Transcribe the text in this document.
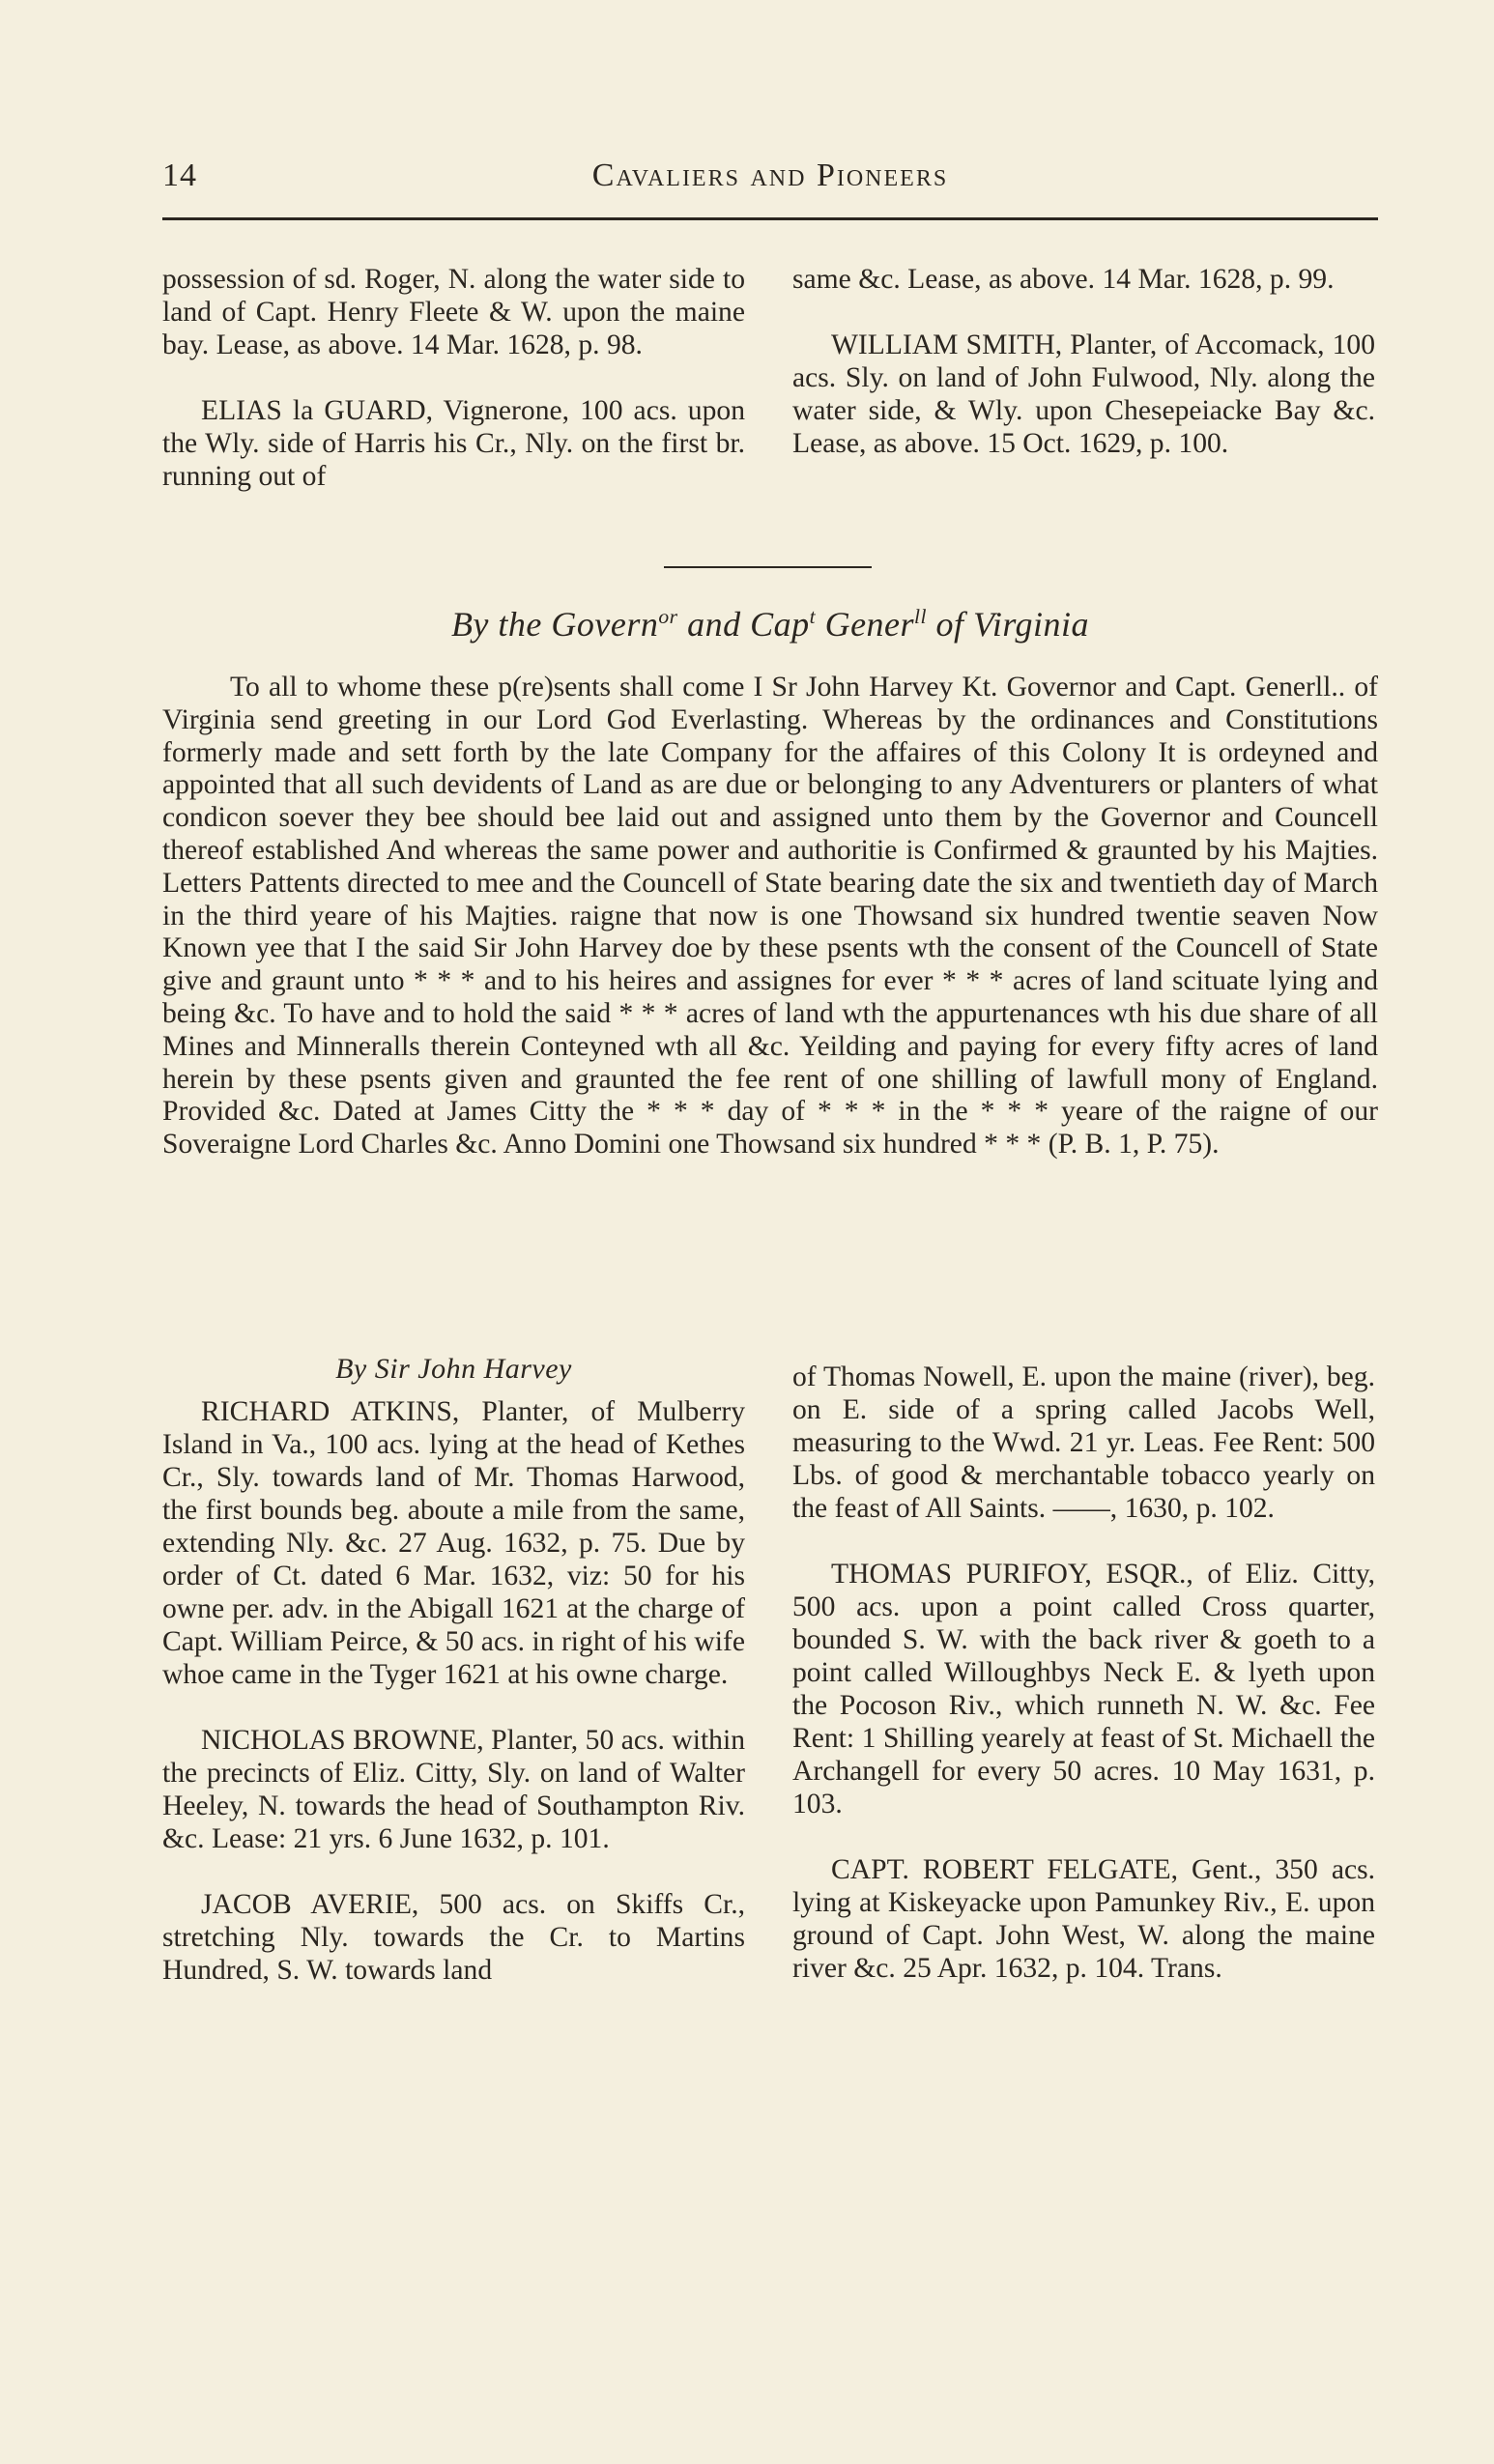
14	Cavaliers and Pioneers

possession of sd. Roger, N. along the water side to land of Capt. Henry Fleete & W. upon the maine bay. Lease, as above. 14 Mar. 1628, p. 98.

ELIAS la GUARD, Vignerone, 100 acs. upon the Wly. side of Harris his Cr., Nly. on the first br. running out of

same &c. Lease, as above. 14 Mar. 1628, p. 99.

WILLIAM SMITH, Planter, of Accomack, 100 acs. Sly. on land of John Fulwood, Nly. along the water side, & Wly. upon Chesepeiacke Bay &c. Lease, as above. 15 Oct. 1629, p. 100.

By the Govern$^{or}$ and Cap$^t$ Gener$^{ll}$ of Virginia

To all to whome these p(re)sents shall come I Sr John Harvey Kt. Governor and Capt. Generll.. of Virginia send greeting in our Lord God Everlasting. Whereas by the ordinances and Constitutions formerly made and sett forth by the late Company for the affaires of this Colony It is ordeyned and appointed that all such devidents of Land as are due or belonging to any Adventurers or planters of what condicon soever they bee should bee laid out and assigned unto them by the Governor and Councell thereof established And whereas the same power and authoritie is Confirmed & graunted by his Majties. Letters Pattents directed to mee and the Councell of State bearing date the six and twentieth day of March in the third yeare of his Majties. raigne that now is one Thowsand six hundred twentie seaven Now Known yee that I the said Sir John Harvey doe by these psents wth the consent of the Councell of State give and graunt unto * * * and to his heires and assignes for ever * * * acres of land scituate lying and being &c. To have and to hold the said * * * acres of land wth the appurtenances wth his due share of all Mines and Minneralls therein Conteyned wth all &c. Yeilding and paying for every fifty acres of land herein by these psents given and graunted the fee rent of one shilling of lawfull mony of England. Provided &c. Dated at James Citty the * * * day of * * * in the * * * yeare of the raigne of our Soveraigne Lord Charles &c. Anno Domini one Thowsand six hundred * * * (P. B. 1, P. 75).

By Sir John Harvey

RICHARD ATKINS, Planter, of Mulberry Island in Va., 100 acs. lying at the head of Kethes Cr., Sly. towards land of Mr. Thomas Harwood, the first bounds beg. aboute a mile from the same, extending Nly. &c. 27 Aug. 1632, p. 75. Due by order of Ct. dated 6 Mar. 1632, viz: 50 for his owne per. adv. in the Abigall 1621 at the charge of Capt. William Peirce, & 50 acs. in right of his wife whoe came in the Tyger 1621 at his owne charge.

NICHOLAS BROWNE, Planter, 50 acs. within the precincts of Eliz. Citty, Sly. on land of Walter Heeley, N. towards the head of Southampton Riv. &c. Lease: 21 yrs. 6 June 1632, p. 101.

JACOB AVERIE, 500 acs. on Skiffs Cr., stretching Nly. towards the Cr. to Martins Hundred, S. W. towards land

of Thomas Nowell, E. upon the maine (river), beg. on E. side of a spring called Jacobs Well, measuring to the Wwd. 21 yr. Leas. Fee Rent: 500 Lbs. of good & merchantable tobacco yearly on the feast of All Saints. ——, 1630, p. 102.

THOMAS PURIFOY, ESQR., of Eliz. Citty, 500 acs. upon a point called Cross quarter, bounded S. W. with the back river & goeth to a point called Willoughbys Neck E. & lyeth upon the Pocoson Riv., which runneth N. W. &c. Fee Rent: 1 Shilling yearely at feast of St. Michaell the Archangell for every 50 acres. 10 May 1631, p. 103.

CAPT. ROBERT FELGATE, Gent., 350 acs. lying at Kiskeyacke upon Pamunkey Riv., E. upon ground of Capt. John West, W. along the maine river &c. 25 Apr. 1632, p. 104. Trans.
